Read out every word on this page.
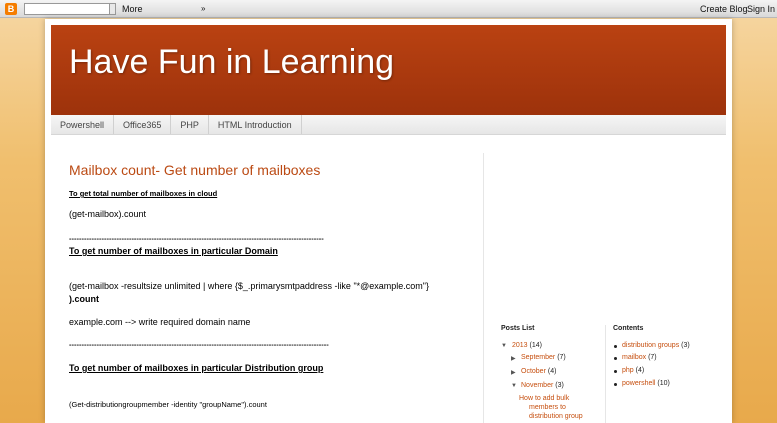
B	More	»	Create Blog Sign In
Have Fun in Learning
Powershell	Office365	PHP	HTML Introduction
Mailbox count- Get number of mailboxes
To get total number of mailboxes in cloud
(get-mailbox).count
------------------------------------------------------------------------------------------------------
To get number of mailboxes in particular Domain
(get-mailbox -resultsize unlimited | where {$_.primarysmtpaddress -like "*@example.com"}
).count
example.com --> write required domain name
--------------------------------------------------------------------------------------------------------
To get number of mailboxes in particular Distribution group
(Get-distributiongroupmember -identity "groupName").count
Posts List
▼ 2013 (14)
▶ September (7)
▶ October (4)
▼ November (3)
How to add bulk
members to
distribution group
Contents
distribution groups (3)
mailbox (7)
php (4)
powershell (10)
